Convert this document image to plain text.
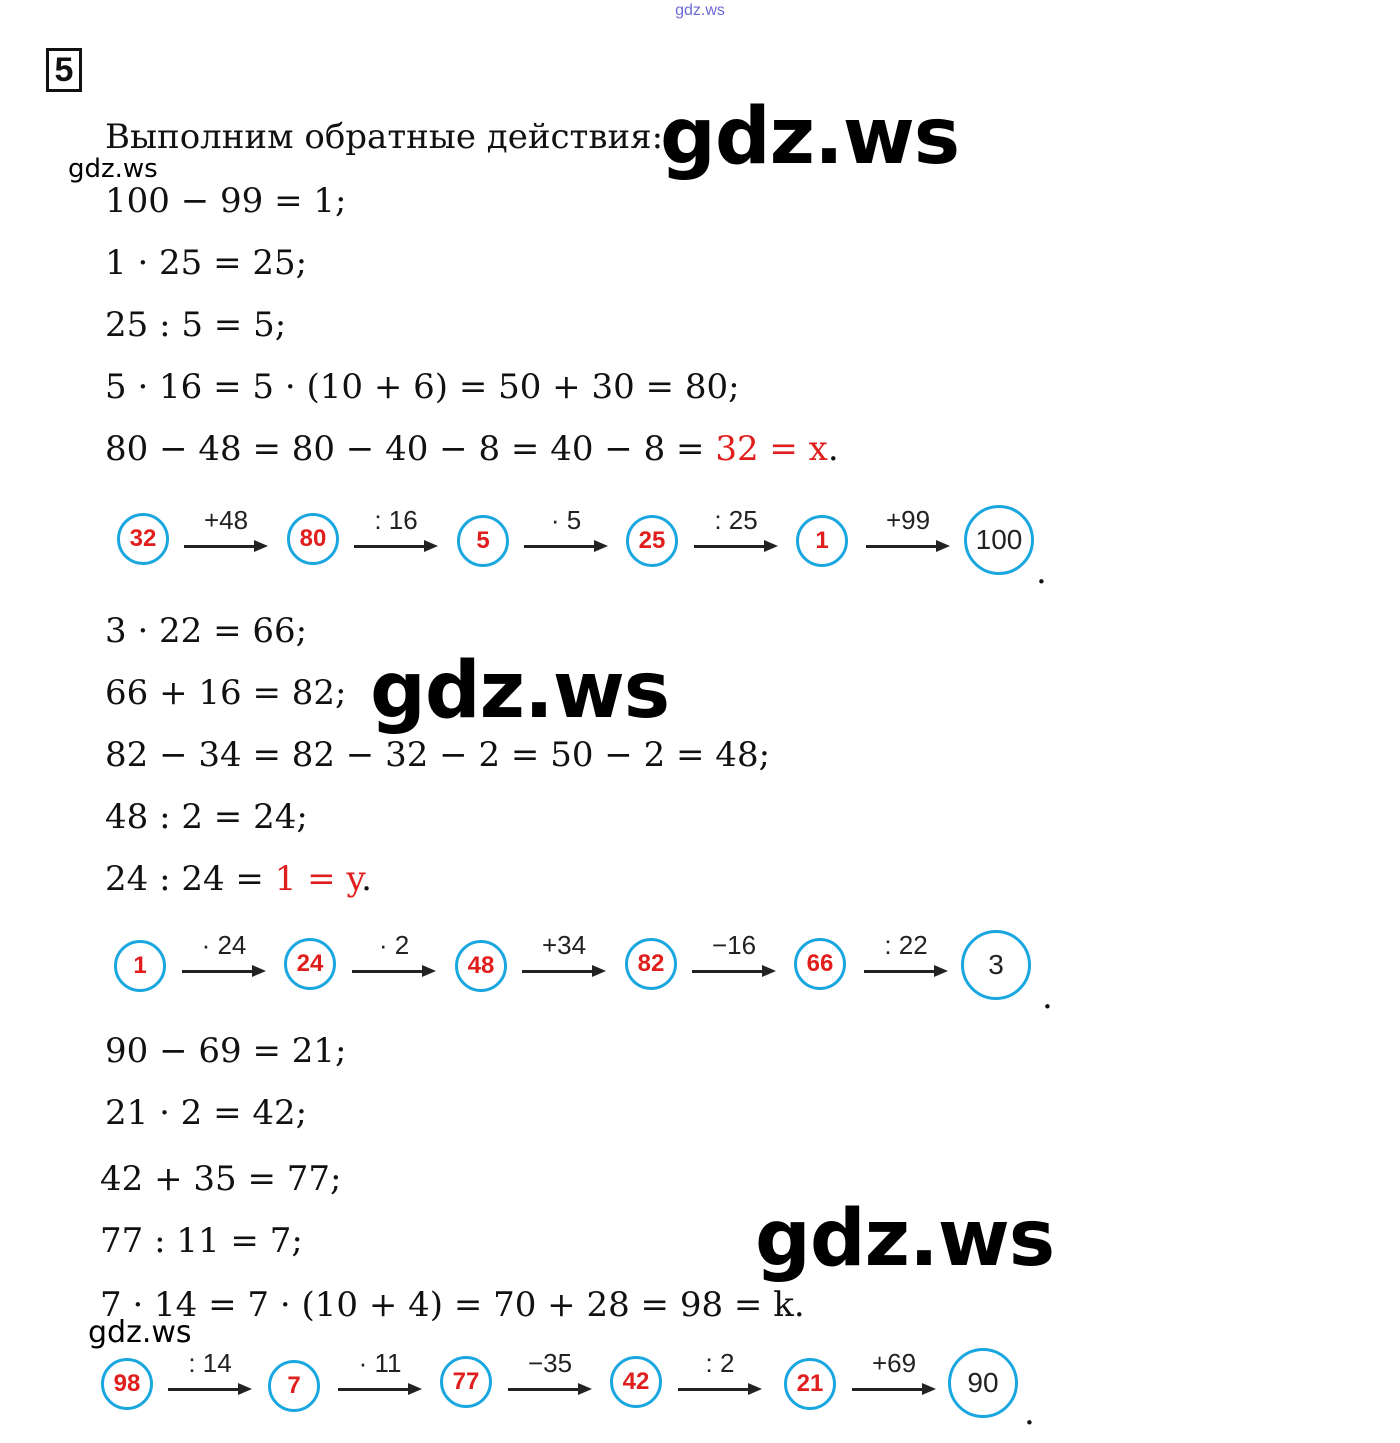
gdz.ws
5
gdz.ws
gdz.ws
gdz.ws
gdz.ws
gdz.ws
Выполним обратные действия:
100 − 99 = 1;
1 · 25 = 25;
25 : 5 = 5;
5 · 16 = 5 · (10 + 6) = 50 + 30 = 80;
80 − 48 = 80 − 40 − 8 = 40 − 8 = 32 = x.
32
+48
80
: 16
5
· 5
25
: 25
1
+99
100
.
3 · 22 = 66;
66 + 16 = 82;
82 − 34 = 82 − 32 − 2 = 50 − 2 = 48;
48 : 2 = 24;
24 : 24 = 1 = y.
1
· 24
24
· 2
48
+34
82
−16
66
: 22
3
.
90 − 69 = 21;
21 · 2 = 42;
42 + 35 = 77;
77 : 11 = 7;
7 · 14 = 7 · (10 + 4) = 70 + 28 = 98 = k.
98
: 14
7
· 11
77
−35
42
: 2
21
+69
90
.
